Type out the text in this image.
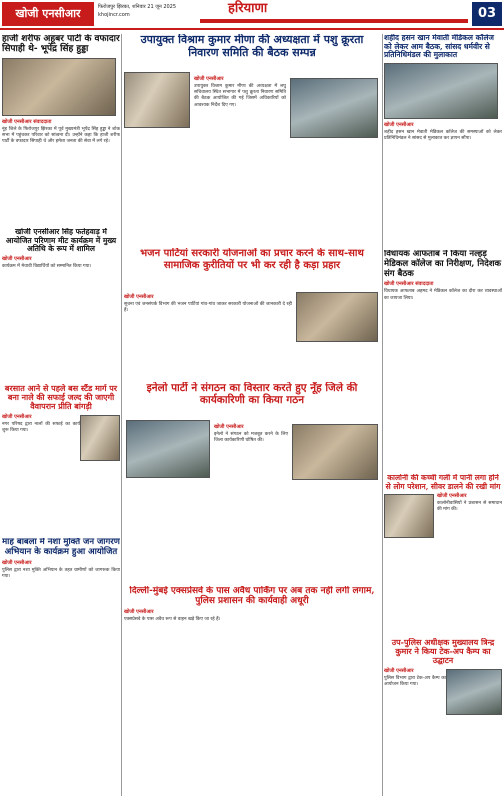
खोजी एनसीआर	फिरोजपुर झिरका, शनिवार 21 जून 2025
khojincr.com	हरियाणा	03
हाजी शरीफ अहूबर पार्टी के वफादार सिपाही थे- भूपेंद्र सिंह हुड्डा
खोजी एनसीआर संवाददाता
नूंह जिले के फिरोजपुर झिरका में पूर्व मुख्यमंत्री भूपेंद्र सिंह हुड्डा ने शोक सभा में पहुंचकर परिवार को सांत्वना दी। उन्होंने कहा कि हाजी शरीफ पार्टी के वफादार सिपाही थे और हमेशा जनता की सेवा में लगे रहे।
उपायुक्त विश्राम कुमार मीणा की अध्यक्षता में पशु क्रूरता निवारण समिति की बैठक सम्पन्न
खोजी एनसीआर
उपायुक्त विश्राम कुमार मीणा की अध्यक्षता में लघु सचिवालय स्थित सभागार में पशु क्रूरता निवारण समिति की बैठक आयोजित की गई जिसमें अधिकारियों को आवश्यक निर्देश दिए गए।
शहीद हसन खान मेवाती मेडिकल कॉलेज को लेकर आम बैठक, सांसद धर्मवीर से प्रतिनिधिमंडल की मुलाकात
खोजी एनसीआर
शहीद हसन खान मेवाती मेडिकल कॉलेज की समस्याओं को लेकर प्रतिनिधिमंडल ने सांसद से मुलाकात कर ज्ञापन सौंपा।
भजन पार्टियां सरकारी योजनाओं का प्रचार करने के साथ-साथ सामाजिक कुरीतियों पर भी कर रही है कड़ा प्रहार
खोजी एनसीआर
सूचना एवं जनसंपर्क विभाग की भजन पार्टियां गांव-गांव जाकर सरकारी योजनाओं की जानकारी दे रही हैं।
खोजी एनसीआर सिंह फतेहवाड़ में आयोजित परिणाम मीट कार्यक्रम में मुख्य अतिथि के रूप में शामिल
खोजी एनसीआर
कार्यक्रम में मेधावी विद्यार्थियों को सम्मानित किया गया।
बरसात आने से पहले बस स्टैंड मार्ग पर बना नाले की सफाई जल्द की जाएगी वैवापरान प्रीति बांगड़ी
खोजी एनसीआर
नगर परिषद द्वारा नालों की सफाई का कार्य शुरू किया गया।
विधायक आफताब ने किया नल्हड़ मेडिकल कॉलेज का निरीक्षण, निदेशक संग बैठक
खोजी एनसीआर संवाददाता
विधायक आफताब अहमद ने मेडिकल कॉलेज का दौरा कर व्यवस्थाओं का जायजा लिया।
इनेलो पार्टी ने संगठन का विस्तार करते हुए नूँह जिले की कार्यकारिणी का किया गठन
खोजी एनसीआर
इनेलो ने संगठन को मजबूत करने के लिए जिला कार्यकारिणी घोषित की।
कालोनी की कच्ची गली में पानी लगा होने से लोग परेशान, सीवर डालने की रखी मांग
खोजी एनसीआर
कालोनीवासियों ने प्रशासन से समाधान की मांग की।
माह बाबला में नशा मुक्ति जन जागरण अभियान के कार्यक्रम हुआ आयोजित
खोजी एनसीआर
पुलिस द्वारा नशा मुक्ति अभियान के तहत ग्रामीणों को जागरूक किया गया।
दिल्ली-मुंबई एक्सप्रेसवे के पास अवैध पार्किंग पर अब तक नहीं लगी लगाम, पुलिस प्रशासन की कार्यवाही अधूरी
खोजी एनसीआर
एक्सप्रेसवे के पास अवैध रूप से वाहन खड़े किए जा रहे हैं।
उप-पुलिस अधीक्षक मुख्यालय त्रिन्द्र कुमार ने किया टेक-अप कैम्प का उद्घाटन
खोजी एनसीआर
पुलिस विभाग द्वारा टेक-अप कैम्प का आयोजन किया गया।
